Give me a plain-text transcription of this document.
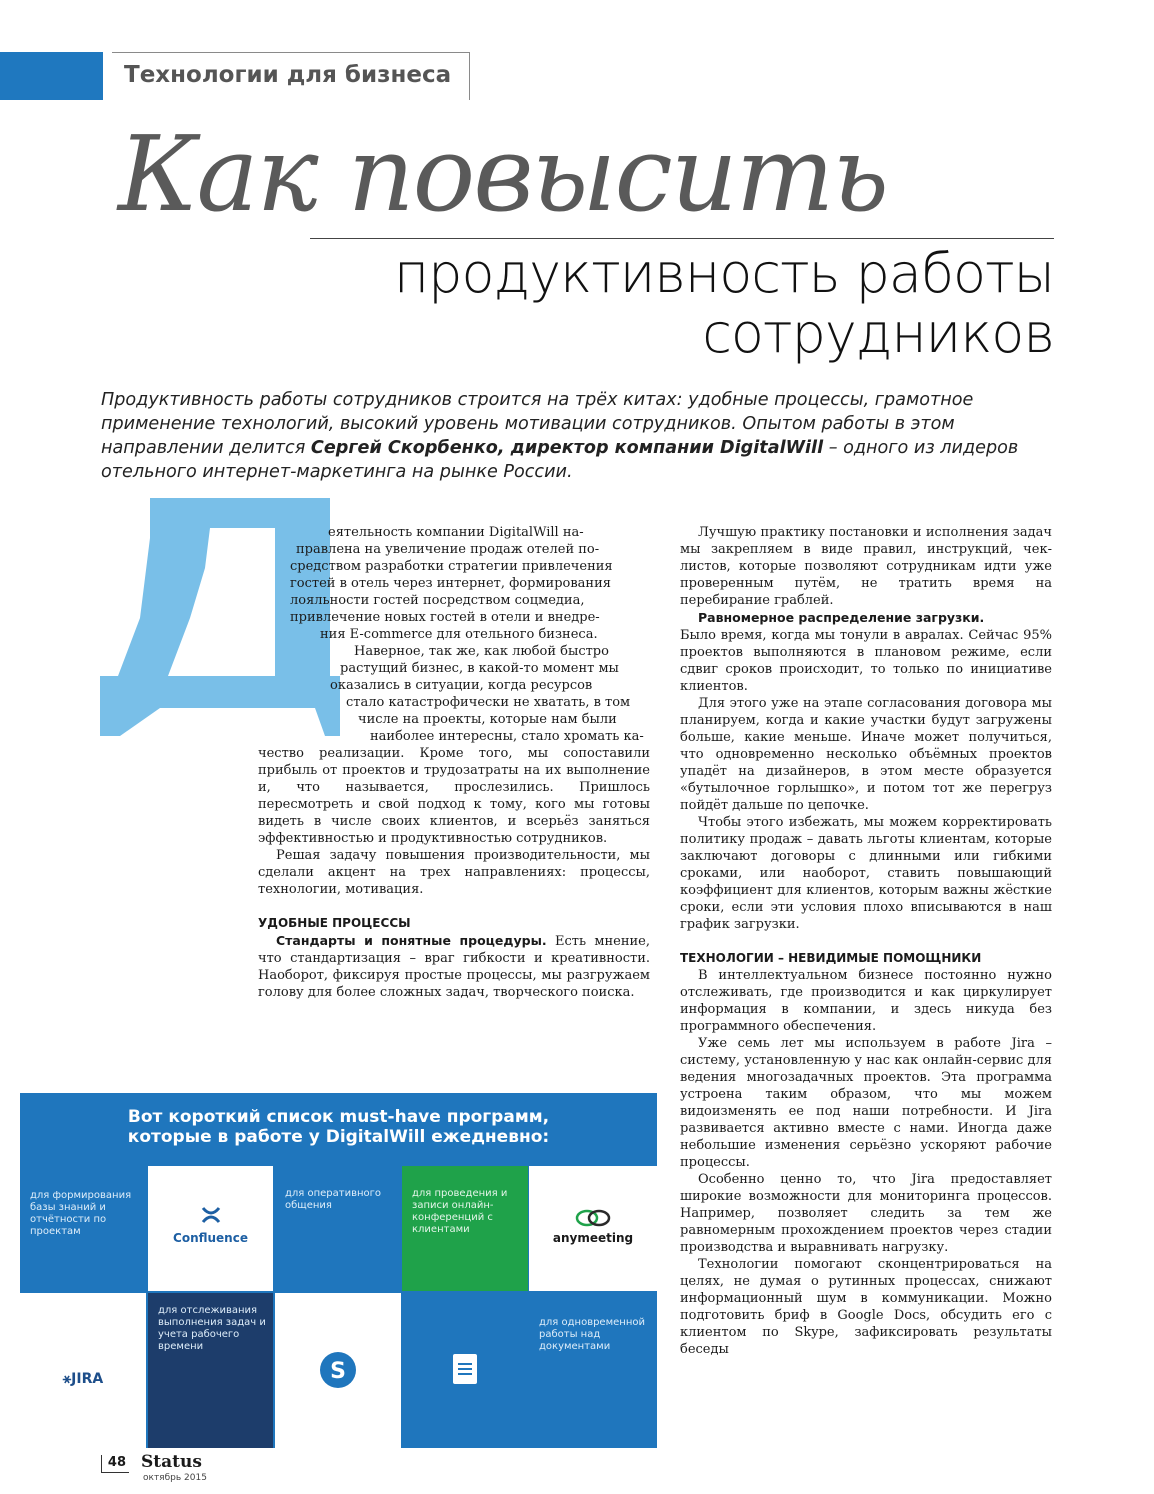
Технологии для бизнеса
Как повысить
продуктивность работы
сотрудников
Продуктивность работы сотрудников строится на трёх китах: удобные процессы, грамотное применение технологий, высокий уровень мотивации сотрудников. Опытом работы в этом направлении делится Сергей Скорбенко, директор компании DigitalWill – одного из лидеров отельного интернет-маркетинга на рынке России.
еятельность компании DigitalWill на-
правлена на увеличение продаж отелей по-
средством разработки стратегии привлечения
гостей в отель через интернет, формирования
лояльности гостей посредством соцмедиа,
привлечение новых гостей в отели и внедре-
ния E-commerce для отельного бизнеса.
Наверное, так же, как любой быстро
растущий бизнес, в какой-то момент мы
оказались в ситуации, когда ресурсов
стало катастрофически не хватать, в том
числе на проекты, которые нам были
наиболее интересны, стало хромать ка-

чество реализации. Кроме того, мы сопоставили прибыль от проектов и трудозатраты на их выполнение и, что называется, прослезились. Пришлось пересмотреть и свой подход к тому, кого мы готовы видеть в числе своих клиентов, и всерьёз заняться эффективностью и продуктивностью сотрудников.

Решая задачу повышения производительности, мы сделали акцент на трех направлениях: процессы, технологии, мотивация.

УДОБНЫЕ ПРОЦЕССЫ

Стандарты и понятные процедуры. Есть мнение, что стандартизация – враг гибкости и креативности. Наоборот, фиксируя простые процессы, мы разгружаем голову для более сложных задач, творческого поиска.

Лучшую практику постановки и исполнения задач мы закрепляем в виде правил, инструкций, чек-листов, которые позволяют сотрудникам идти уже проверенным путём, не тратить время на перебирание граблей.

Равномерное распределение загрузки.

Было время, когда мы тонули в авралах. Сейчас 95% проектов выполняются в плановом режиме, если сдвиг сроков происходит, то только по инициативе клиентов.

Для этого уже на этапе согласования договора мы планируем, когда и какие участки будут загружены больше, какие меньше. Иначе может получиться, что одновременно несколько объёмных проектов упадёт на дизайнеров, в этом месте образуется «бутылочное горлышко», и потом тот же перегруз пойдёт дальше по цепочке.

Чтобы этого избежать, мы можем корректировать политику продаж – давать льготы клиентам, которые заключают договоры с длинными или гибкими сроками, или наоборот, ставить повышающий коэффициент для клиентов, которым важны жёсткие сроки, если эти условия плохо вписываются в наш график загрузки.

ТЕХНОЛОГИИ – НЕВИДИМЫЕ ПОМОЩНИКИ

В интеллектуальном бизнесе постоянно нужно отслеживать, где производится и как циркулирует информация в компании, и здесь никуда без программного обеспечения.

Уже семь лет мы используем в работе Jira – систему, установленную у нас как онлайн-сервис для ведения многозадачных проектов. Эта программа устроена таким образом, что мы можем видоизменять ее под наши потребности. И Jira развивается активно вместе с нами. Иногда даже небольшие изменения серьёзно ускоряют рабочие процессы.

Особенно ценно то, что Jira предоставляет широкие возможности для мониторинга процессов. Например, позволяет следить за тем же равномерным прохождением проектов через стадии производства и выравнивать нагрузку.

Технологии помогают сконцентрироваться на целях, не думая о рутинных процессах, снижают информационный шум в коммуникации. Можно подготовить бриф в Google Docs, обсудить его с клиентом по Skype, зафиксировать результаты беседы

Вот короткий список must-have программ,
которые в работе у DigitalWill ежедневно:
для формирования базы знаний и отчётности по проектам	Confluence
для оперативного общения
для проведения и записи онлайн-конференций с клиентами
anymeeting
⚹JIRA
для отслеживания выполнения задач и учета рабочего времени
S
для одновременной работы над документами
48 Status
октябрь 2015
